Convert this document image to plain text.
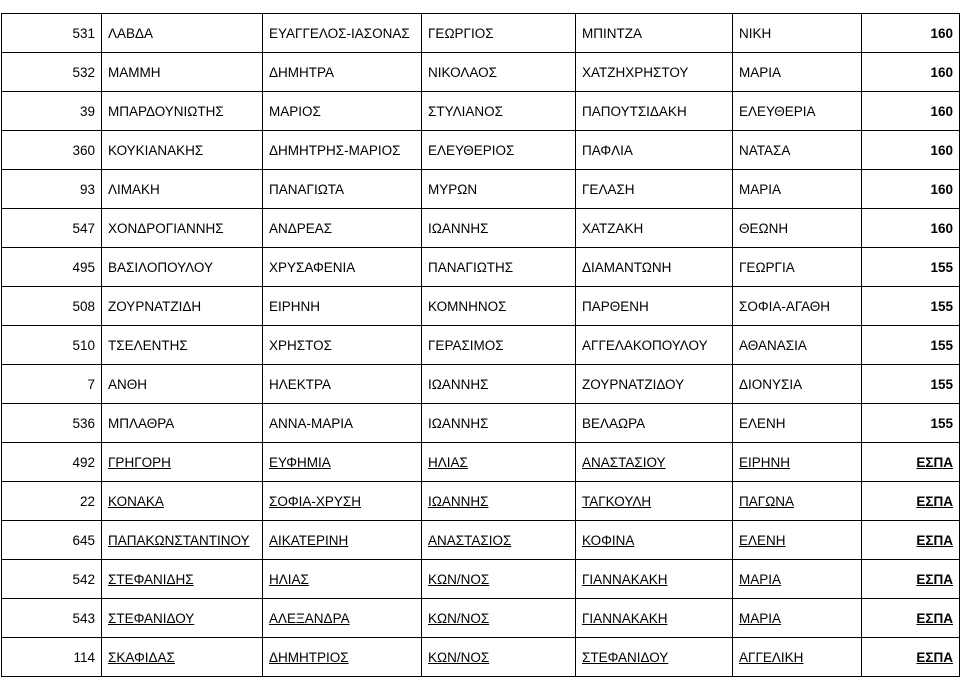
531	ΛΑΒΔΑ	ΕΥΑΓΓΕΛΟΣ-ΙΑΣΟΝΑΣ	ΓΕΩΡΓΙΟΣ	ΜΠΙΝΤΖΑ	ΝΙΚΗ	160
532	ΜΑΜΜΗ	ΔΗΜΗΤΡΑ	ΝΙΚΟΛΑΟΣ	ΧΑΤΖΗΧΡΗΣΤΟΥ	ΜΑΡΙΑ	160
39	ΜΠΑΡΔΟΥΝΙΩΤΗΣ	ΜΑΡΙΟΣ	ΣΤΥΛΙΑΝΟΣ	ΠΑΠΟΥΤΣΙΔΑΚΗ	ΕΛΕΥΘΕΡΙΑ	160
360	ΚΟΥΚΙΑΝΑΚΗΣ	ΔΗΜΗΤΡΗΣ-ΜΑΡΙΟΣ	ΕΛΕΥΘΕΡΙΟΣ	ΠΑΦΛΙΑ	ΝΑΤΑΣΑ	160
93	ΛΙΜΑΚΗ	ΠΑΝΑΓΙΩΤΑ	ΜΥΡΩΝ	ΓΕΛΑΣΗ	ΜΑΡΙΑ	160
547	ΧΟΝΔΡΟΓΙΑΝΝΗΣ	ΑΝΔΡΕΑΣ	ΙΩΑΝΝΗΣ	ΧΑΤΖΑΚΗ	ΘΕΩΝΗ	160
495	ΒΑΣΙΛΟΠΟΥΛΟΥ	ΧΡΥΣΑΦΕΝΙΑ	ΠΑΝΑΓΙΩΤΗΣ	ΔΙΑΜΑΝΤΩΝΗ	ΓΕΩΡΓΙΑ	155
508	ΖΟΥΡΝΑΤΖΙΔΗ	ΕΙΡΗΝΗ	ΚΟΜΝΗΝΟΣ	ΠΑΡΘΕΝΗ	ΣΟΦΙΑ-ΑΓΑΘΗ	155
510	ΤΣΕΛΕΝΤΗΣ	ΧΡΗΣΤΟΣ	ΓΕΡΑΣΙΜΟΣ	ΑΓΓΕΛΑΚΟΠΟΥΛΟΥ	ΑΘΑΝΑΣΙΑ	155
7	ΑΝΘΗ	ΗΛΕΚΤΡΑ	ΙΩΑΝΝΗΣ	ΖΟΥΡΝΑΤΖΙΔΟΥ	ΔΙΟΝΥΣΙΑ	155
536	ΜΠΛΑΘΡΑ	ΑΝΝΑ-ΜΑΡΙΑ	ΙΩΑΝΝΗΣ	ΒΕΛΑΩΡΑ	ΕΛΕΝΗ	155
492	ΓΡΗΓΟΡΗ	ΕΥΦΗΜΙΑ	ΗΛΙΑΣ	ΑΝΑΣΤΑΣΙΟΥ	ΕΙΡΗΝΗ	ΕΣΠΑ
22	ΚΟΝΑΚΑ	ΣΟΦΙΑ-ΧΡΥΣΗ	ΙΩΑΝΝΗΣ	ΤΑΓΚΟΥΛΗ	ΠΑΓΩΝΑ	ΕΣΠΑ
645	ΠΑΠΑΚΩΝΣΤΑΝΤΙΝΟΥ	ΑΙΚΑΤΕΡΙΝΗ	ΑΝΑΣΤΑΣΙΟΣ	ΚΟΦΙΝΑ	ΕΛΕΝΗ	ΕΣΠΑ
542	ΣΤΕΦΑΝΙΔΗΣ	ΗΛΙΑΣ	ΚΩΝ/ΝΟΣ	ΓΙΑΝΝΑΚΑΚΗ	ΜΑΡΙΑ	ΕΣΠΑ
543	ΣΤΕΦΑΝΙΔΟΥ	ΑΛΕΞΑΝΔΡΑ	ΚΩΝ/ΝΟΣ	ΓΙΑΝΝΑΚΑΚΗ	ΜΑΡΙΑ	ΕΣΠΑ
114	ΣΚΑΦΙΔΑΣ	ΔΗΜΗΤΡΙΟΣ	ΚΩΝ/ΝΟΣ	ΣΤΕΦΑΝΙΔΟΥ	ΑΓΓΕΛΙΚΗ	ΕΣΠΑ
